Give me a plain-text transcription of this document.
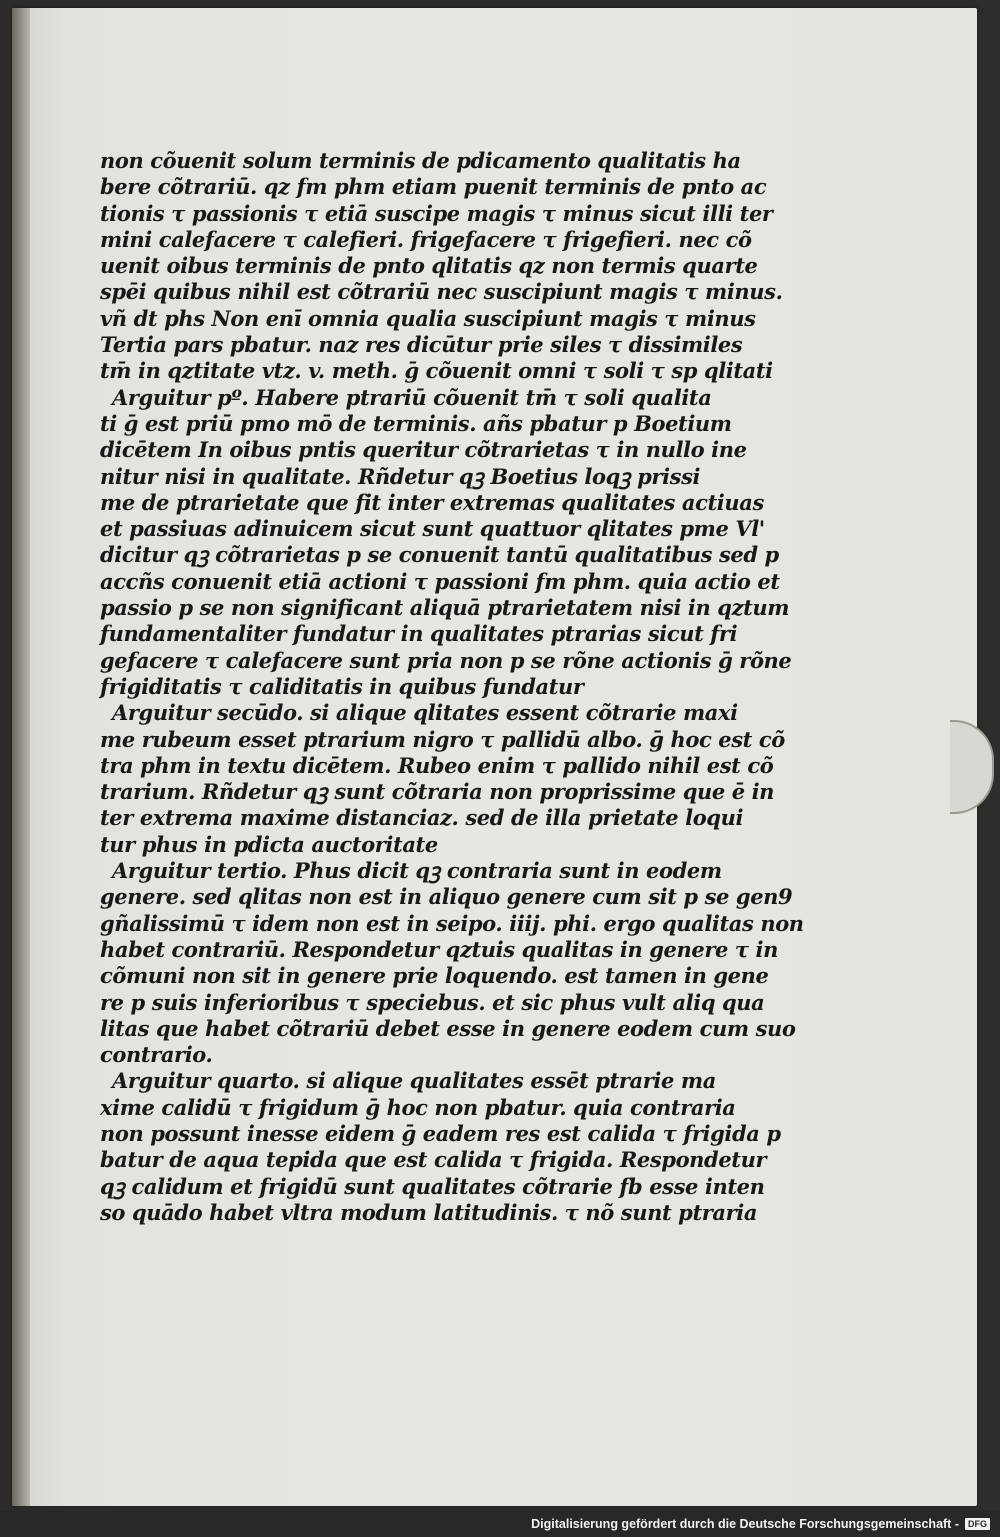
non cõuenit solum terminis de pdicamento qualitatis ha
bere cõtrariū. qz fm phm etiam puenit terminis de pnto ac
tionis τ passionis τ etiā suscipe magis τ minus sicut illi ter
mini calefacere τ calefieri. frigefacere τ frigefieri. nec cõ
uenit oibus terminis de pnto qlitatis qz non termis quarte
spēi quibus nihil est cõtrariū nec suscipiunt magis τ minus.
vñ dt phs Non enī omnia qualia suscipiunt magis τ minus
Tertia pars pbatur. naz res dicūtur prie siles τ dissimiles
tm̄ in qztitate vtz. v. meth. ḡ cõuenit omni τ soli τ sp qlitati
Arguitur pº. Habere ptrariū cõuenit tm̄ τ soli qualita
ti ḡ est priū pmo mō de terminis. añs pbatur p Boetium
dicētem In oibus pntis queritur cõtrarietas τ in nullo ine
nitur nisi in qualitate. Rñdetur qꝫ Boetius loqꝫ prissi
me de ptrarietate que fit inter extremas qualitates actiuas
et passiuas adinuicem sicut sunt quattuor qlitates pme Vl'
dicitur qꝫ cõtrarietas p se conuenit tantū qualitatibus sed p
accñs conuenit etiā actioni τ passioni fm phm. quia actio et
passio p se non significant aliquā ptrarietatem nisi in qztum
fundamentaliter fundatur in qualitates ptrarias sicut fri
gefacere τ calefacere sunt pria non p se rõne actionis ḡ rõne
frigiditatis τ caliditatis in quibus fundatur
Arguitur secūdo. si alique qlitates essent cõtrarie maxi
me rubeum esset ptrarium nigro τ pallidū albo. ḡ hoc est cõ
tra phm in textu dicētem. Rubeo enim τ pallido nihil est cõ
trarium. Rñdetur qꝫ sunt cõtraria non proprissime que ē in
ter extrema maxime distanciaz. sed de illa prietate loqui
tur phus in pdicta auctoritate
Arguitur tertio. Phus dicit qꝫ contraria sunt in eodem
genere. sed qlitas non est in aliquo genere cum sit p se gen9
gñalissimū τ idem non est in seipo. iiij. phi. ergo qualitas non
habet contrariū. Respondetur qztuis qualitas in genere τ in
cõmuni non sit in genere prie loquendo. est tamen in gene
re p suis inferioribus τ speciebus. et sic phus vult aliq qua
litas que habet cõtrariū debet esse in genere eodem cum suo
contrario.
Arguitur quarto. si alique qualitates essēt ptrarie ma
xime calidū τ frigidum ḡ hoc non pbatur. quia contraria
non possunt inesse eidem ḡ eadem res est calida τ frigida p
batur de aqua tepida que est calida τ frigida. Respondetur
qꝫ calidum et frigidū sunt qualitates cõtrarie fb esse inten
so quādo habet vltra modum latitudinis. τ nõ sunt ptraria
Digitalisierung gefördert durch die Deutsche Forschungsgemeinschaft -	DFG
